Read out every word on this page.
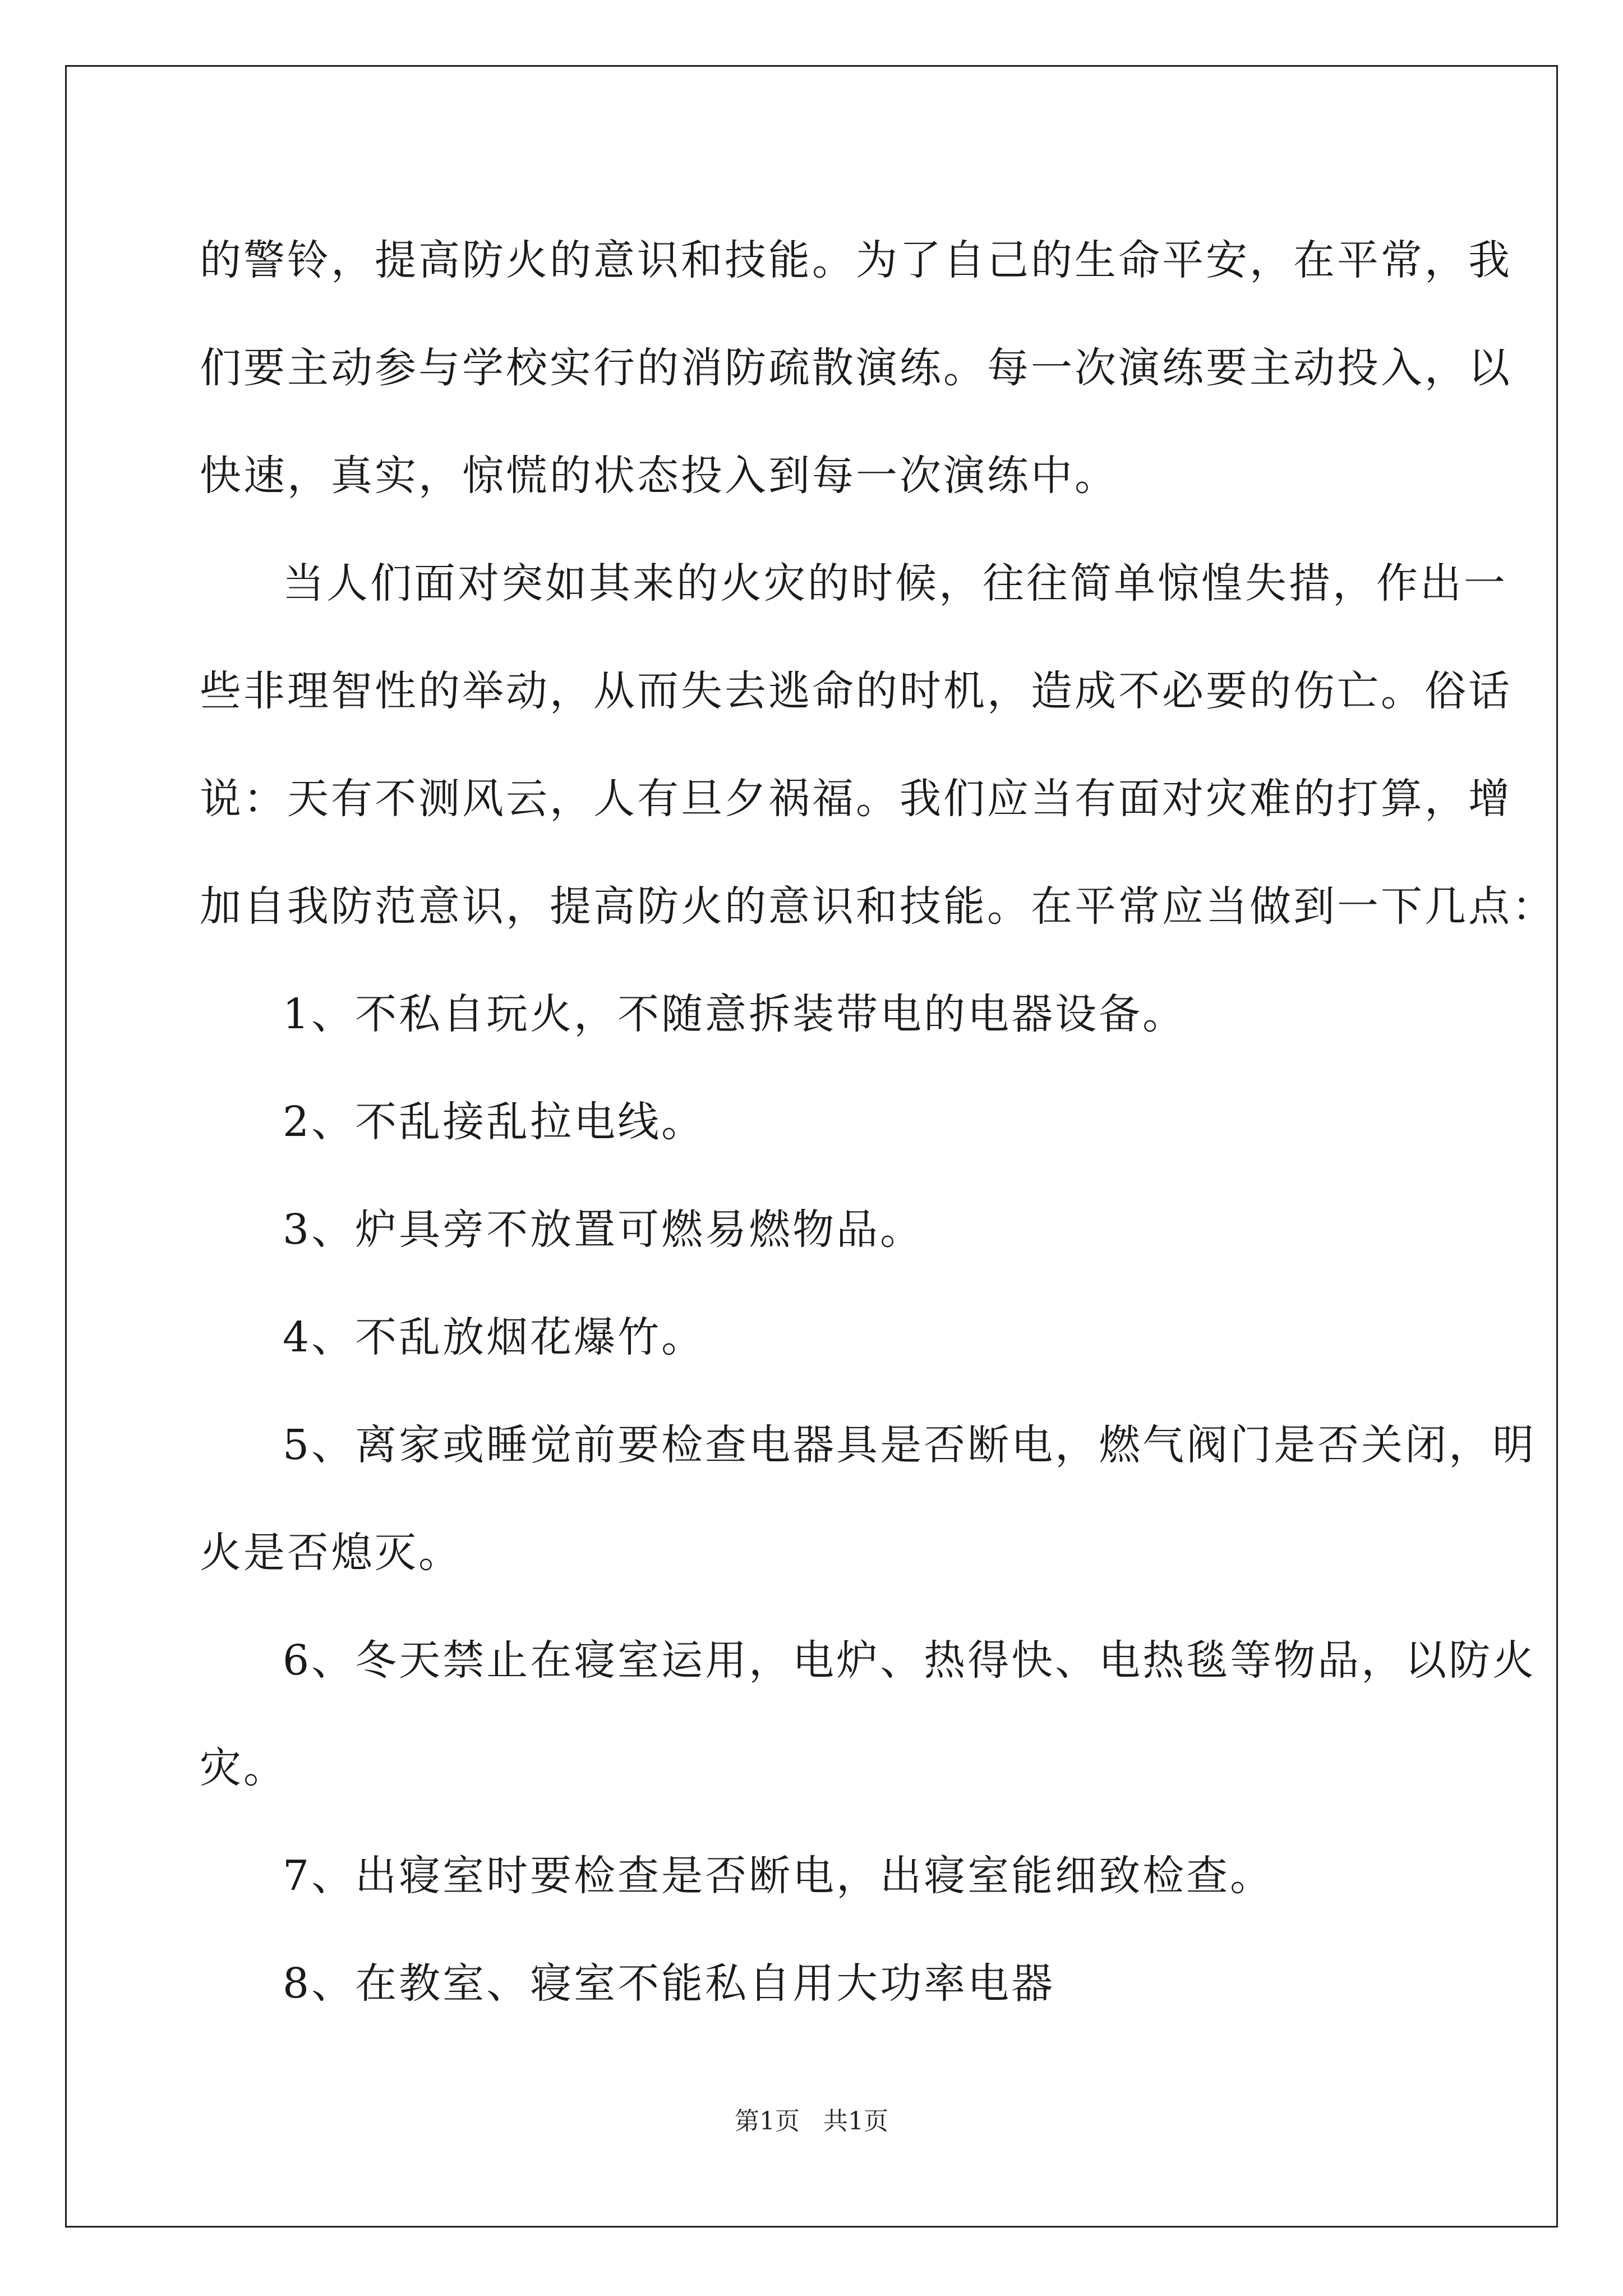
的警铃，提高防火的意识和技能。为了自己的生命平安，在平常，我
们要主动参与学校实行的消防疏散演练。每一次演练要主动投入，以
快速，真实，惊慌的状态投入到每一次演练中。
当人们面对突如其来的火灾的时候，往往简单惊惶失措，作出一
些非理智性的举动，从而失去逃命的时机，造成不必要的伤亡。俗话
说：天有不测风云，人有旦夕祸福。我们应当有面对灾难的打算，增
加自我防范意识，提高防火的意识和技能。在平常应当做到一下几点：
1、不私自玩火，不随意拆装带电的电器设备。
2、不乱接乱拉电线。
3、炉具旁不放置可燃易燃物品。
4、不乱放烟花爆竹。
5、离家或睡觉前要检查电器具是否断电，燃气阀门是否关闭，明
火是否熄灭。
6、冬天禁止在寝室运用，电炉、热得快、电热毯等物品，以防火
灾。
7、出寝室时要检查是否断电，出寝室能细致检查。
8、在教室、寝室不能私自用大功率电器
第1页 共1页
